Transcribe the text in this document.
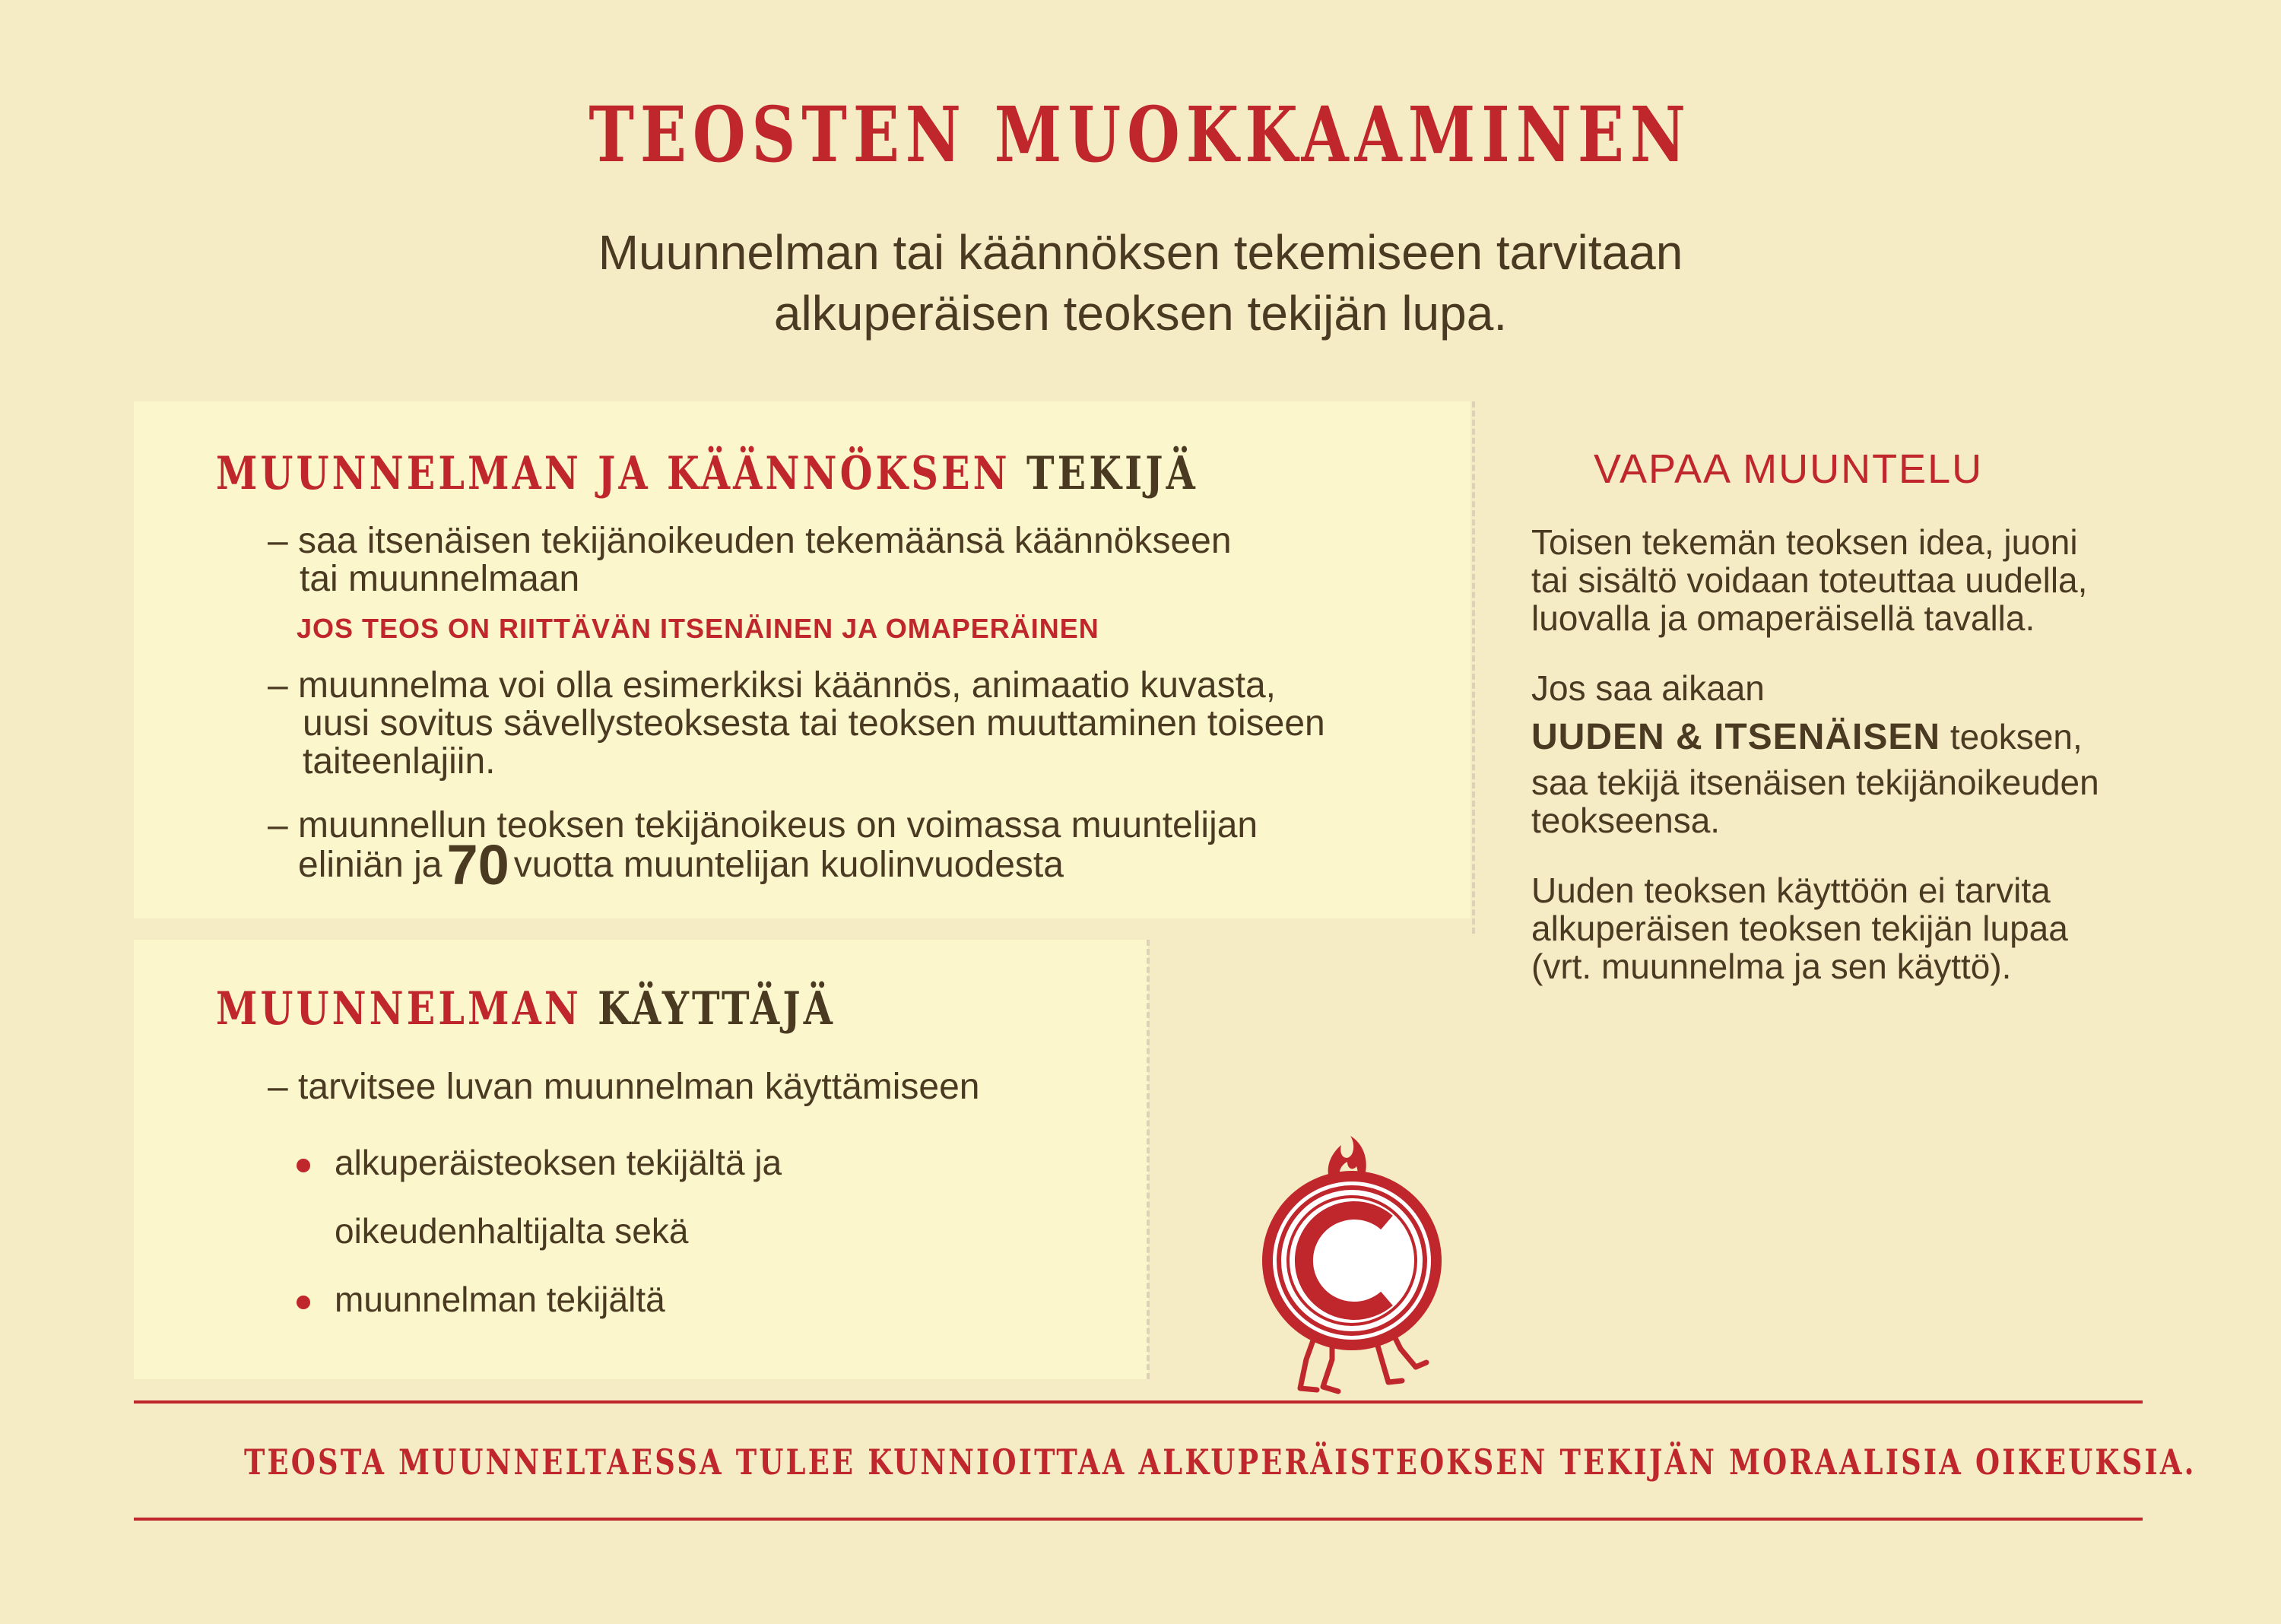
TEOSTEN MUOKKAAMINEN
Muunnelman tai käännöksen tekemiseen tarvitaan
alkuperäisen teoksen tekijän lupa.
MUUNNELMAN JA KÄÄNNÖKSEN TEKIJÄ
– saa itsenäisen tekijänoikeuden tekemäänsä käännökseen
tai muunnelmaan
JOS TEOS ON RIITTÄVÄN ITSENÄINEN JA OMAPERÄINEN
– muunnelma voi olla esimerkiksi käännös, animaatio kuvasta,
uusi sovitus sävellysteoksesta tai teoksen muuttaminen toiseen
taiteenlajiin.
– muunnellun teoksen tekijänoikeus on voimassa muuntelijan
eliniän ja70 vuotta muuntelijan kuolinvuodesta
MUUNNELMAN KÄYTTÄJÄ
– tarvitsee luvan muunnelman käyttämiseen
alkuperäisteoksen tekijältä ja
oikeudenhaltijalta sekä
muunnelman tekijältä
VAPAA MUUNTELU
Toisen tekemän teoksen idea, juoni
tai sisältö voidaan toteuttaa uudella,
luovalla ja omaperäisellä tavalla.
Jos saa aikaan
UUDEN & ITSENÄISEN teoksen,
saa tekijä itsenäisen tekijänoikeuden
teokseensa.
Uuden teoksen käyttöön ei tarvita
alkuperäisen teoksen tekijän lupaa
(vrt. muunnelma ja sen käyttö).
TEOSTA MUUNNELTAESSA TULEE KUNNIOITTAA ALKUPERÄISTEOKSEN TEKIJÄN MORAALISIA OIKEUKSIA.
